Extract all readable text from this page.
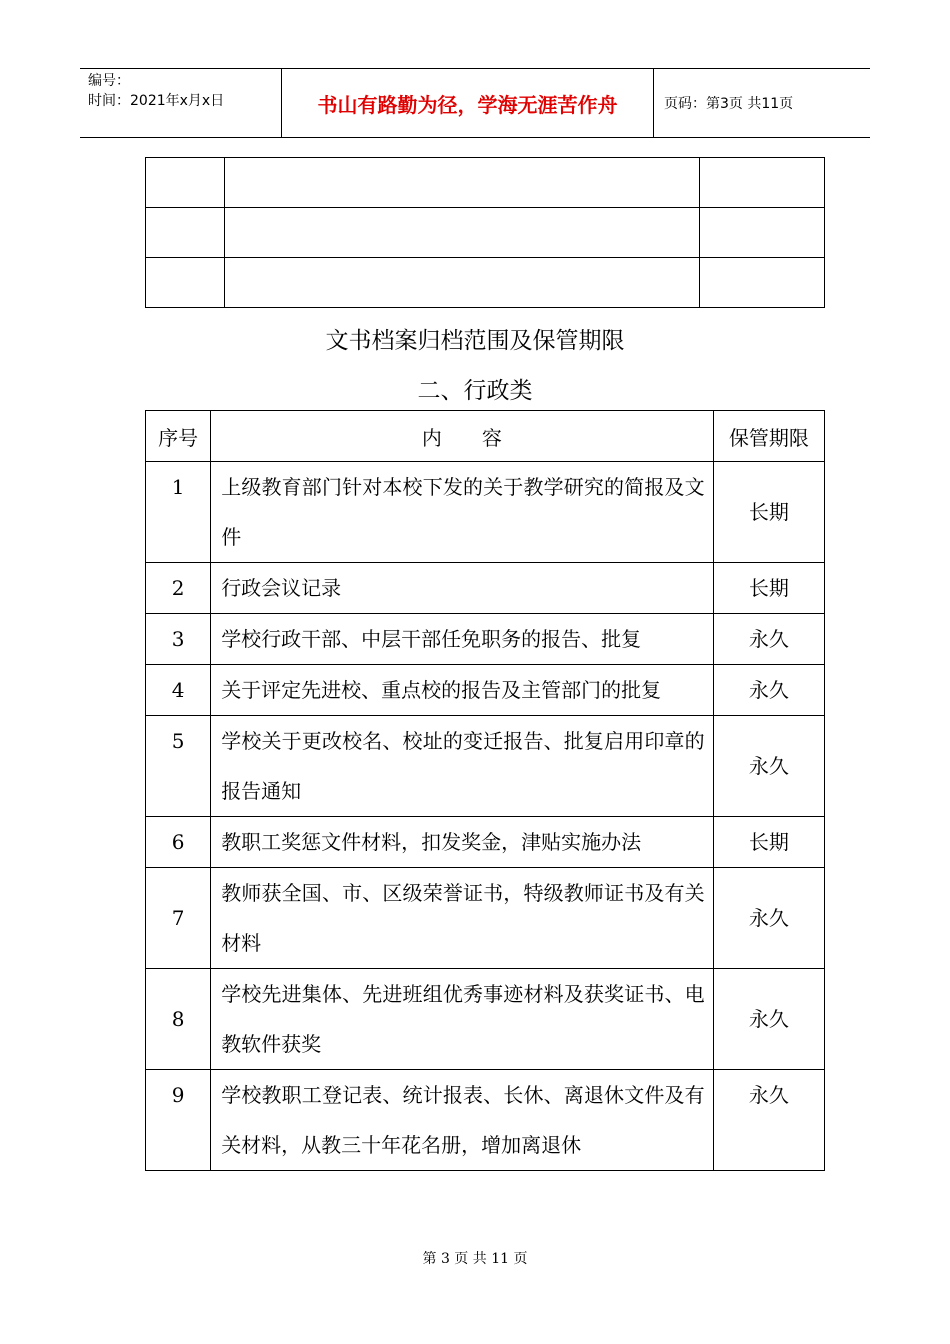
编号：
时间：2021年x月x日	书山有路勤为径，学海无涯苦作舟	页码：第3页 共11页

文书档案归档范围及保管期限
二、行政类
序号	内　　容	保管期限
1	上级教育部门针对本校下发的关于教学研究的简报及文件	长期
2	行政会议记录	长期
3	学校行政干部、中层干部任免职务的报告、批复	永久
4	关于评定先进校、重点校的报告及主管部门的批复	永久
5	学校关于更改校名、校址的变迁报告、批复启用印章的报告通知	永久
6	教职工奖惩文件材料，扣发奖金，津贴实施办法	长期
7	教师获全国、市、区级荣誉证书，特级教师证书及有关材料	永久
8	学校先进集体、先进班组优秀事迹材料及获奖证书、电教软件获奖	永久
9	学校教职工登记表、统计报表、长休、离退休文件及有关材料，从教三十年花名册，增加离退休	永久
第 3 页 共 11 页
